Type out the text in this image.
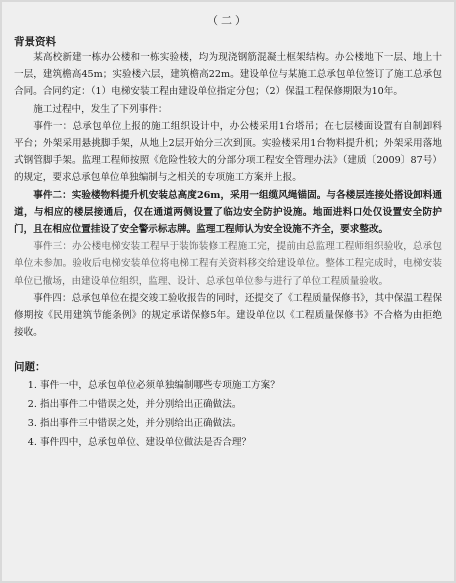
（二）
背景资料

某高校新建一栋办公楼和一栋实验楼，均为现浇钢筋混凝土框架结构。办公楼地下一层、地上十一层，建筑檐高45m；实验楼六层，建筑檐高22m。建设单位与某施工总承包单位签订了施工总承包合同。合同约定：（1）电梯安装工程由建设单位指定分包；（2）保温工程保修期限为10年。

施工过程中，发生了下列事件：

事件一：总承包单位上报的施工组织设计中，办公楼采用1台塔吊；在七层楼面设置有自制卸料平台；外架采用悬挑脚手架，从地上2层开始分三次到顶。实验楼采用1台物料提升机；外架采用落地式钢管脚手架。监理工程师按照《危险性较大的分部分项工程安全管理办法》（建质〔2009〕87号）的规定，要求总承包单位单独编制与之相关的专项施工方案并上报。

事件二：实验楼物料提升机安装总高度26m，采用一组缆风绳锚固。与各楼层连接处搭设卸料通道，与相应的楼层接通后，仅在通道两侧设置了临边安全防护设施。地面进料口处仅设置安全防护门，且在相应位置挂设了安全警示标志牌。监理工程师认为安全设施不齐全，要求整改。

事件三：办公楼电梯安装工程早于装饰装修工程施工完，提前由总监理工程师组织验收，总承包单位未参加。验收后电梯安装单位将电梯工程有关资料移交给建设单位。整体工程完成时，电梯安装单位已撤场，由建设单位组织，监理、设计、总承包单位参与进行了单位工程质量验收。

事件四：总承包单位在提交竣工验收报告的同时，还提交了《工程质量保修书》，其中保温工程保修期按《民用建筑节能条例》的规定承诺保修5年。建设单位以《工程质量保修书》不合格为由拒绝接收。

问题：
1. 事件一中，总承包单位必须单独编制哪些专项施工方案？
2. 指出事件二中错误之处，并分别给出正确做法。
3. 指出事件三中错误之处，并分别给出正确做法。
4. 事件四中，总承包单位、建设单位做法是否合理？
